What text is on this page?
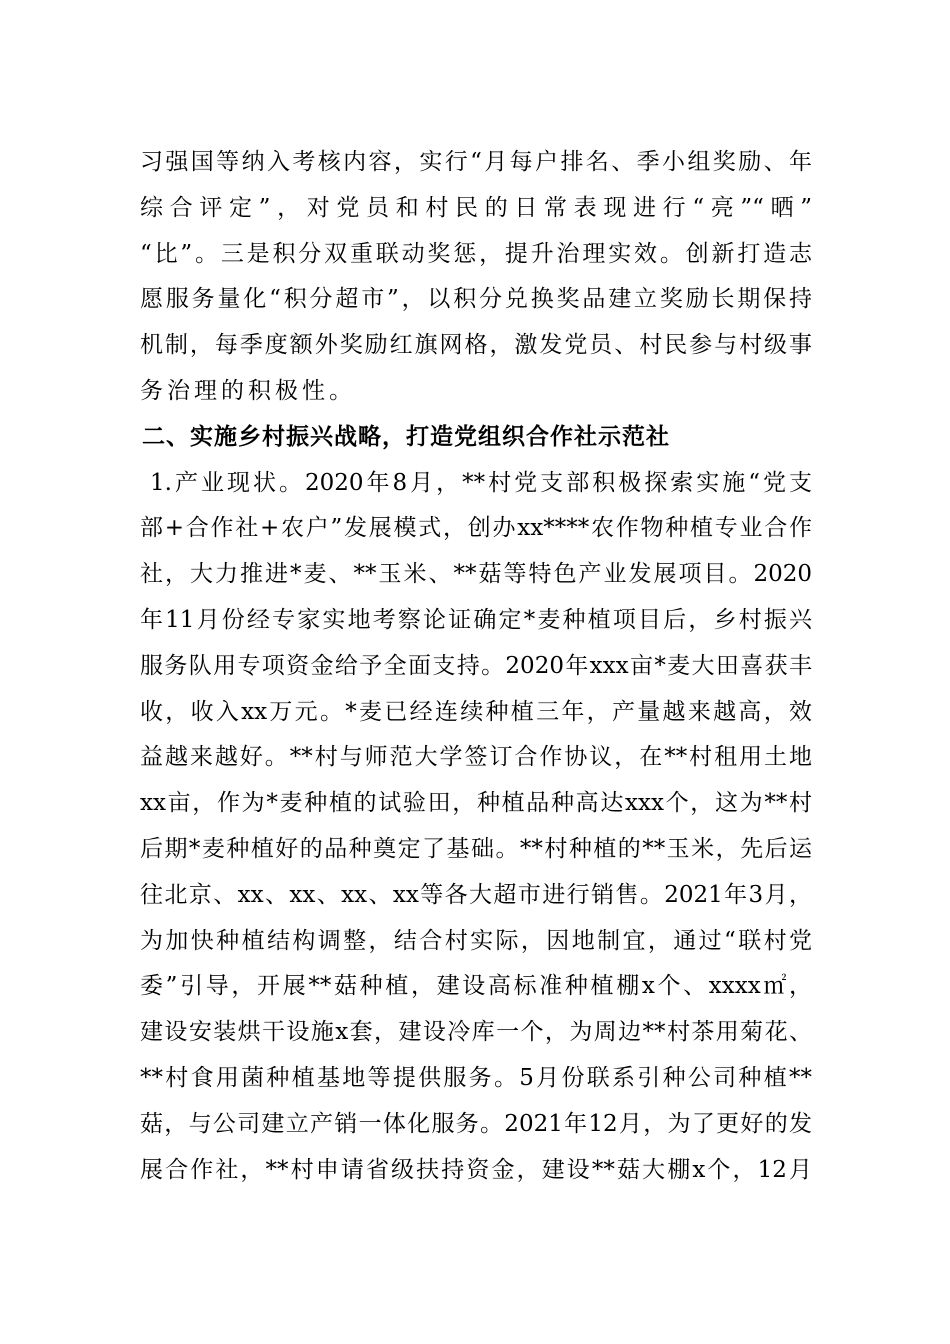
习强国等纳入考核内容，实行“月每户排名、季小组奖励、年
综合评定”，对党员和村民的日常表现进行“亮”“晒”
“比”。三是积分双重联动奖惩，提升治理实效。创新打造志
愿服务量化“积分超市”，以积分兑换奖品建立奖励长期保持
机制，每季度额外奖励红旗网格，激发党员、村民参与村级事
务治理的积极性。
二、实施乡村振兴战略，打造党组织合作社示范社
1.产业现状。2020年8月，**村党支部积极探索实施“党支
部+合作社+农户”发展模式，创办xx****农作物种植专业合作
社，大力推进*麦、**玉米、**菇等特色产业发展项目。2020
年11月份经专家实地考察论证确定*麦种植项目后，乡村振兴
服务队用专项资金给予全面支持。2020年xxx亩*麦大田喜获丰
收，收入xx万元。*麦已经连续种植三年，产量越来越高，效
益越来越好。**村与师范大学签订合作协议，在**村租用土地
xx亩，作为*麦种植的试验田，种植品种高达xxx个，这为**村
后期*麦种植好的品种奠定了基础。**村种植的**玉米，先后运
往北京、xx、xx、xx、xx等各大超市进行销售。2021年3月，
为加快种植结构调整，结合村实际，因地制宜，通过“联村党
委”引导，开展**菇种植，建设高标准种植棚x个、xxxx㎡，
建设安装烘干设施x套，建设冷库一个，为周边**村茶用菊花、
**村食用菌种植基地等提供服务。5月份联系引种公司种植**
菇，与公司建立产销一体化服务。2021年12月，为了更好的发
展合作社，**村申请省级扶持资金，建设**菇大棚x个，12月
